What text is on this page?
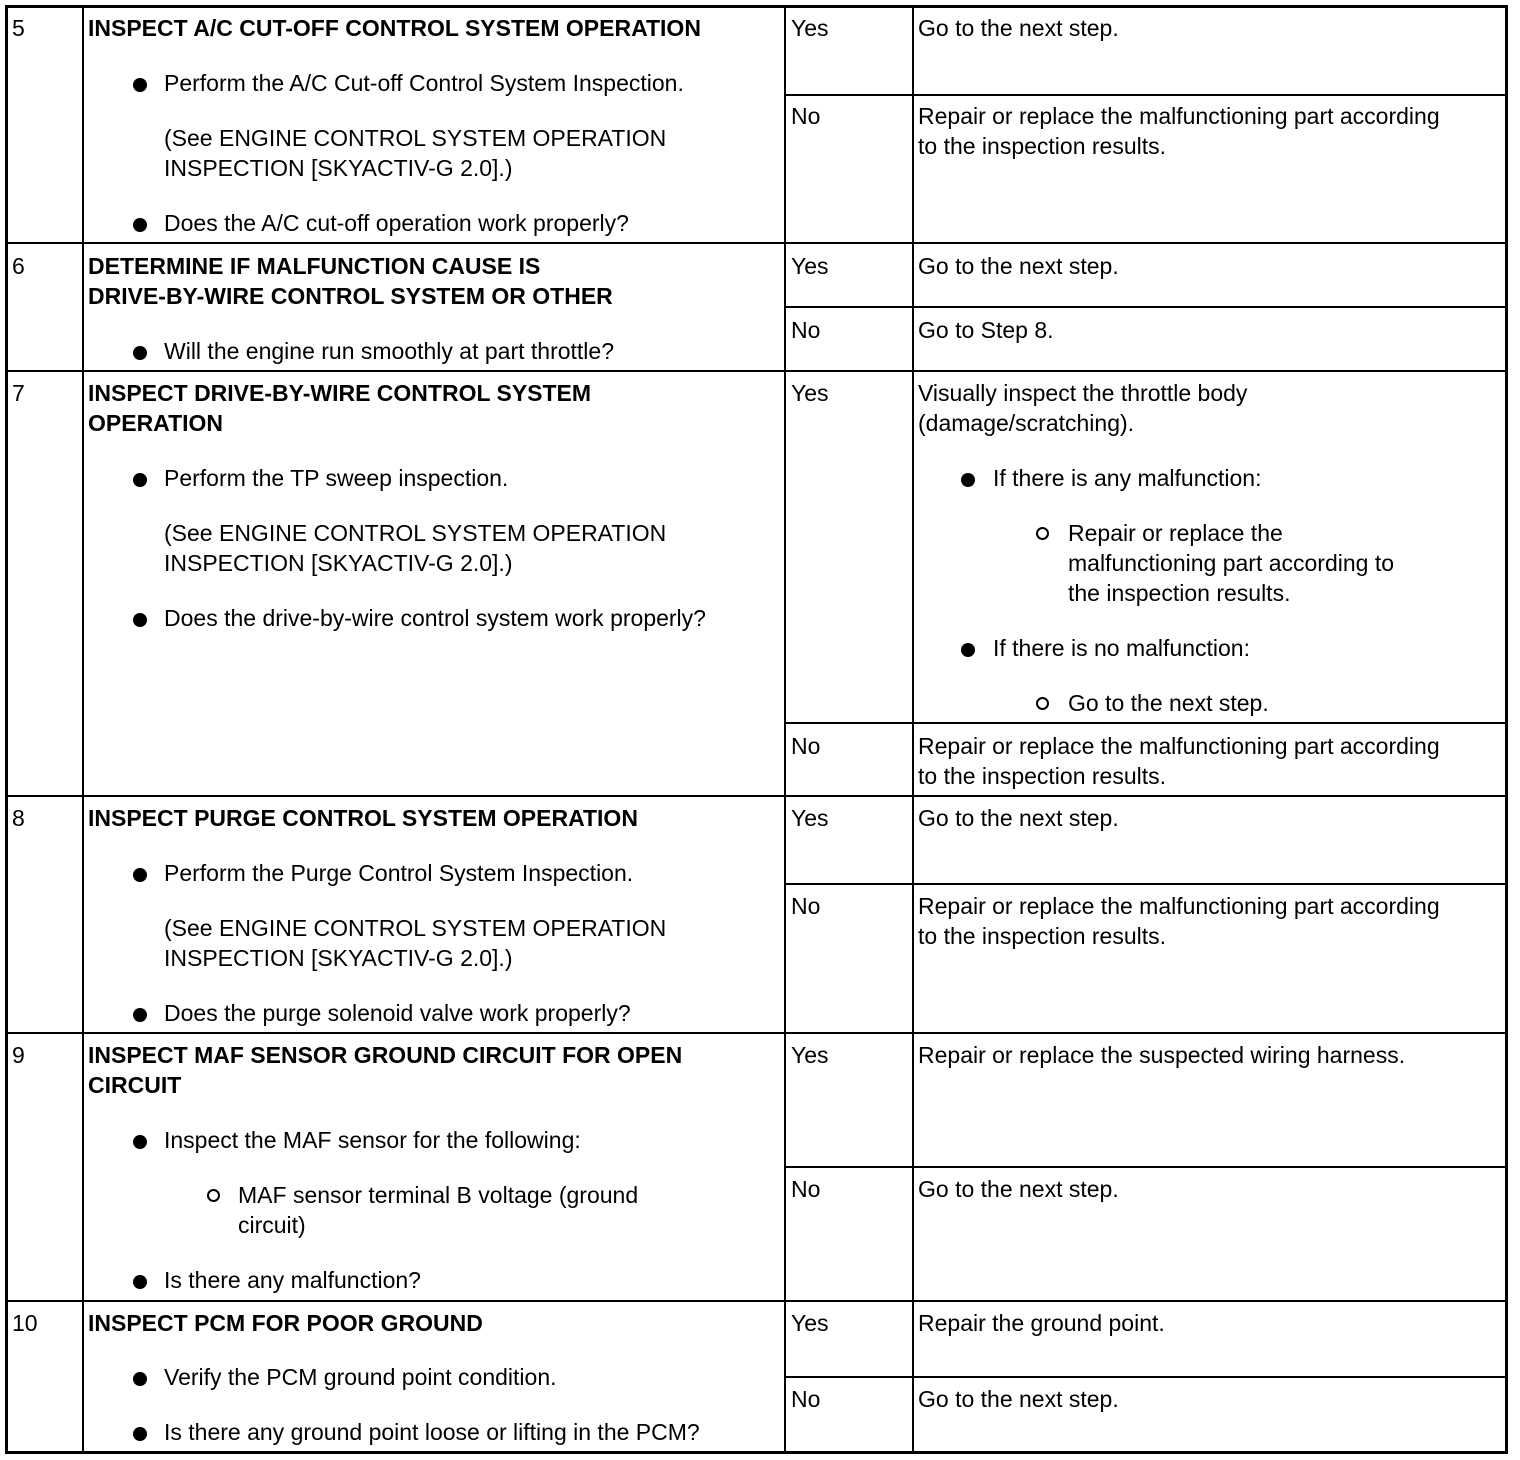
5	INSPECT A/C CUT-OFF CONTROL SYSTEM OPERATION
Perform the A/C Cut-off Control System Inspection.
(See ENGINE CONTROL SYSTEM OPERATION
INSPECTION [SKYACTIV-G 2.0].)
Does the A/C cut-off operation work properly?
Yes	Go to the next step.
No	Repair or replace the malfunctioning part according
to the inspection results.
6	DETERMINE IF MALFUNCTION CAUSE IS
DRIVE-BY-WIRE CONTROL SYSTEM OR OTHER
Will the engine run smoothly at part throttle?
Yes	Go to the next step.
No	Go to Step 8.
7	INSPECT DRIVE-BY-WIRE CONTROL SYSTEM
OPERATION
Perform the TP sweep inspection.
(See ENGINE CONTROL SYSTEM OPERATION
INSPECTION [SKYACTIV-G 2.0].)
Does the drive-by-wire control system work properly?
Yes	Visually inspect the throttle body
(damage/scratching).
If there is any malfunction:
Repair or replace the
malfunctioning part according to
the inspection results.
If there is no malfunction:
Go to the next step.
No	Repair or replace the malfunctioning part according
to the inspection results.
8	INSPECT PURGE CONTROL SYSTEM OPERATION
Perform the Purge Control System Inspection.
(See ENGINE CONTROL SYSTEM OPERATION
INSPECTION [SKYACTIV-G 2.0].)
Does the purge solenoid valve work properly?
Yes	Go to the next step.
No	Repair or replace the malfunctioning part according
to the inspection results.
9	INSPECT MAF SENSOR GROUND CIRCUIT FOR OPEN
CIRCUIT
Inspect the MAF sensor for the following:
MAF sensor terminal B voltage (ground
circuit)
Is there any malfunction?
Yes	Repair or replace the suspected wiring harness.
No	Go to the next step.
10 INSPECT PCM FOR POOR GROUND
Verify the PCM ground point condition.
Is there any ground point loose or lifting in the PCM?
Yes	Repair the ground point.
No	Go to the next step.
